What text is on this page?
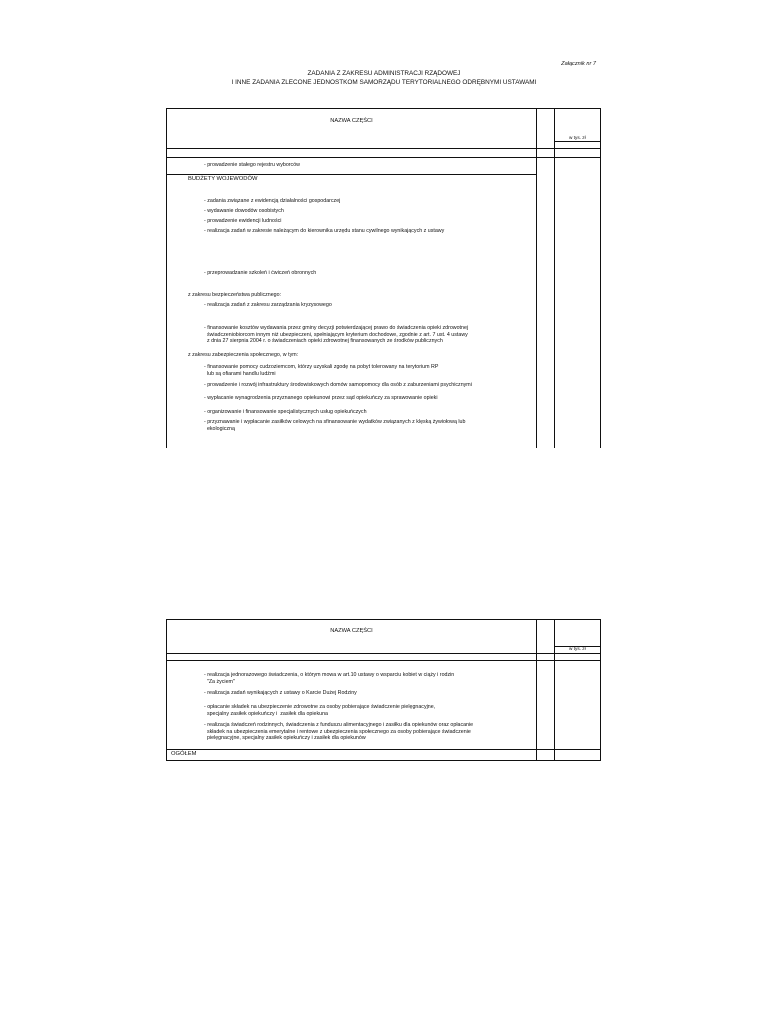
Załącznik nr 7
ZADANIA Z ZAKRESU ADMINISTRACJI RZĄDOWEJ
I INNE ZADANIA ZLECONE JEDNOSTKOM SAMORZĄDU TERYTORIALNEGO ODRĘBNYMI USTAWAMI
NAZWA CZĘŚCI
w tys. zł
- prowadzenie stałego rejestru wyborców
BUDŻETY WOJEWODÓW
- zadania związane z ewidencją działalności gospodarczej
- wydawanie dowodów osobistych
- prowadzenie ewidencji ludności
- realizacja zadań w zakresie należącym do kierownika urzędu stanu cywilnego wynikających z ustawy
- przeprowadzanie szkoleń i ćwiczeń obronnych
z zakresu bezpieczeństwa publicznego:
- realizacja zadań z zakresu zarządzania kryzysowego
- finansowanie kosztów wydawania przez gminy decyzji potwierdzającej prawo do świadczenia opieki zdrowotnej
świadczeniobiorcom innym niż ubezpieczeni, spełniającym kryterium dochodowe, zgodnie z art. 7 ust. 4 ustawy
z dnia 27 sierpnia 2004 r. o świadczeniach opieki zdrowotnej finansowanych ze środków publicznych
z zakresu zabezpieczenia społecznego, w tym:
- finansowanie pomocy cudzoziemcom, którzy uzyskali zgodę na pobyt tolerowany na terytorium RP
lub są ofiarami handlu ludźmi
- prowadzenie i rozwój infrastruktury środowiskowych domów samopomocy dla osób z zaburzeniami psychicznymi
- wypłacanie wynagrodzenia przyznanego opiekunowi przez sąd opiekuńczy za sprawowanie opieki
- organizowanie i finansowanie specjalistycznych usług opiekuńczych
- przyznawanie i wypłacanie zasiłków celowych na sfinansowanie wydatków związanych z klęską żywiołową lub
ekologiczną
NAZWA CZĘŚCI
w tys. zł
- realizacja jednorazowego świadczenia, o którym mowa w art.10 ustawy o wsparciu kobiet w ciąży i rodzin
"Za życiem"
- realizacja zadań wynikających z ustawy o Karcie Dużej Rodziny
- opłacanie składek na ubezpieczenie zdrowotne za osoby pobierające świadczenie pielęgnacyjne,
specjalny zasiłek opiekuńczy i  zasiłek dla opiekuna
- realizacja świadczeń rodzinnych, świadczenia z funduszu alimentacyjnego i zasiłku dla opiekunów oraz opłacanie
składek na ubezpieczenia emerytalne i rentowe z ubezpieczenia społecznego za osoby pobierające świadczenie
pielęgnacyjne, specjalny zasiłek opiekuńczy i zasiłek dla opiekunów
OGÓŁEM
